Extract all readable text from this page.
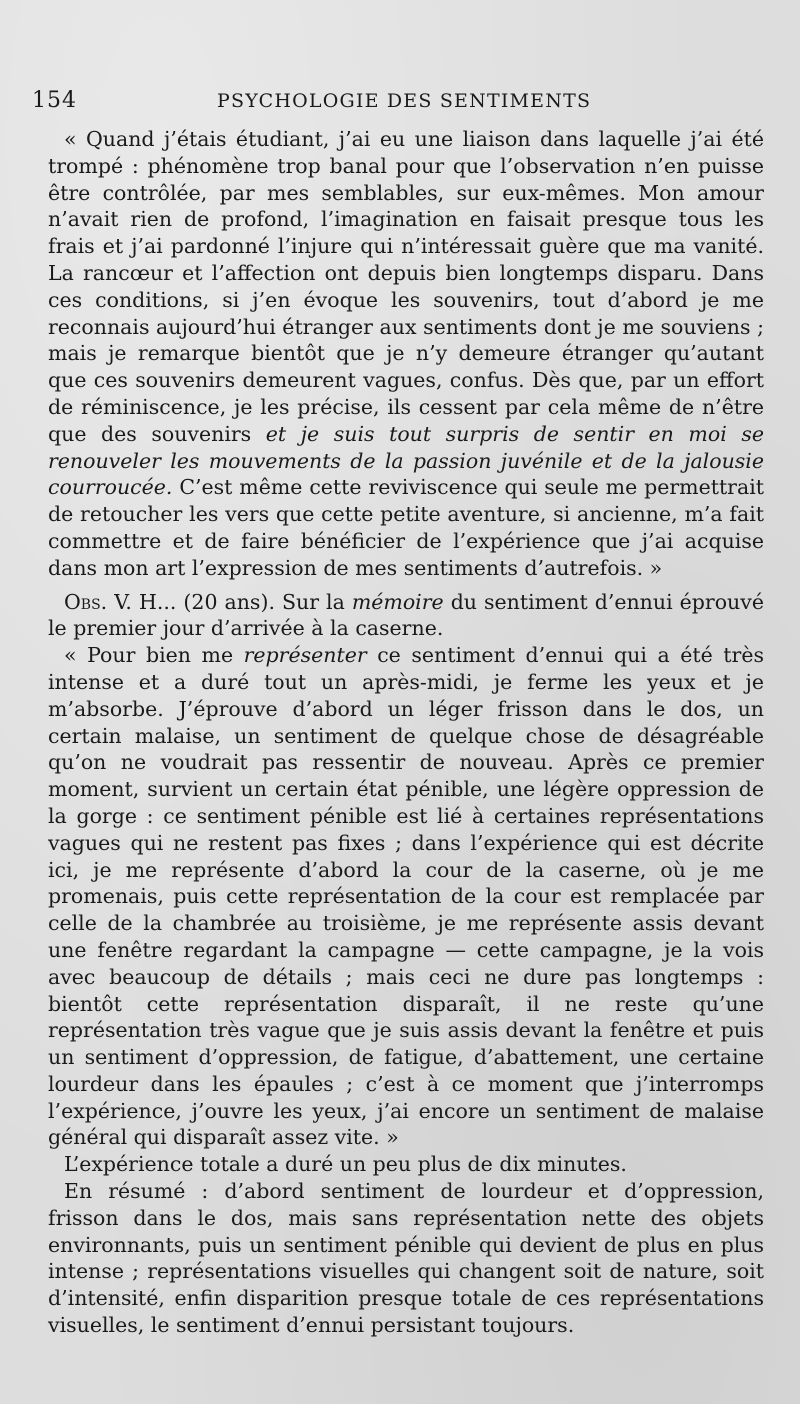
154	PSYCHOLOGIE DES SENTIMENTS

« Quand j’étais étudiant, j’ai eu une liaison dans laquelle j’ai été trompé : phénomène trop banal pour que l’observation n’en puisse être contrôlée, par mes semblables, sur eux-mêmes. Mon amour n’avait rien de profond, l’imagination en faisait presque tous les frais et j’ai pardonné l’injure qui n’intéressait guère que ma vanité. La rancœur et l’affection ont depuis bien longtemps disparu. Dans ces conditions, si j’en évoque les souvenirs, tout d’abord je me reconnais aujourd’hui étranger aux sentiments dont je me souviens ; mais je remarque bientôt que je n’y demeure étranger qu’autant que ces souvenirs demeurent vagues, confus. Dès que, par un effort de réminiscence, je les précise, ils cessent par cela même de n’être que des souvenirs et je suis tout surpris de sentir en moi se renouveler les mouvements de la passion juvénile et de la jalousie courroucée. C’est même cette reviviscence qui seule me permettrait de retoucher les vers que cette petite aventure, si ancienne, m’a fait commettre et de faire bénéficier de l’expérience que j’ai acquise dans mon art l’expression de mes sentiments d’autrefois. »

Obs. V. H... (20 ans). Sur la mémoire du sentiment d’ennui éprouvé le premier jour d’arrivée à la caserne.

« Pour bien me représenter ce sentiment d’ennui qui a été très intense et a duré tout un après-midi, je ferme les yeux et je m’absorbe. J’éprouve d’abord un léger frisson dans le dos, un certain malaise, un sentiment de quelque chose de désagréable qu’on ne voudrait pas ressentir de nouveau. Après ce premier moment, survient un certain état pénible, une légère oppression de la gorge : ce sentiment pénible est lié à certaines représentations vagues qui ne restent pas fixes ; dans l’expérience qui est décrite ici, je me représente d’abord la cour de la caserne, où je me promenais, puis cette représentation de la cour est remplacée par celle de la chambrée au troisième, je me représente assis devant une fenêtre regardant la campagne — cette campagne, je la vois avec beaucoup de détails ; mais ceci ne dure pas longtemps : bientôt cette représentation disparaît, il ne reste qu’une représentation très vague que je suis assis devant la fenêtre et puis un sentiment d’oppression, de fatigue, d’abattement, une certaine lourdeur dans les épaules ; c’est à ce moment que j’interromps l’expérience, j’ouvre les yeux, j’ai encore un sentiment de malaise général qui disparaît assez vite. »

L’expérience totale a duré un peu plus de dix minutes.

En résumé : d’abord sentiment de lourdeur et d’oppression, frisson dans le dos, mais sans représentation nette des objets environnants, puis un sentiment pénible qui devient de plus en plus intense ; représentations visuelles qui changent soit de nature, soit d’intensité, enfin disparition presque totale de ces représentations visuelles, le sentiment d’ennui persistant toujours.
